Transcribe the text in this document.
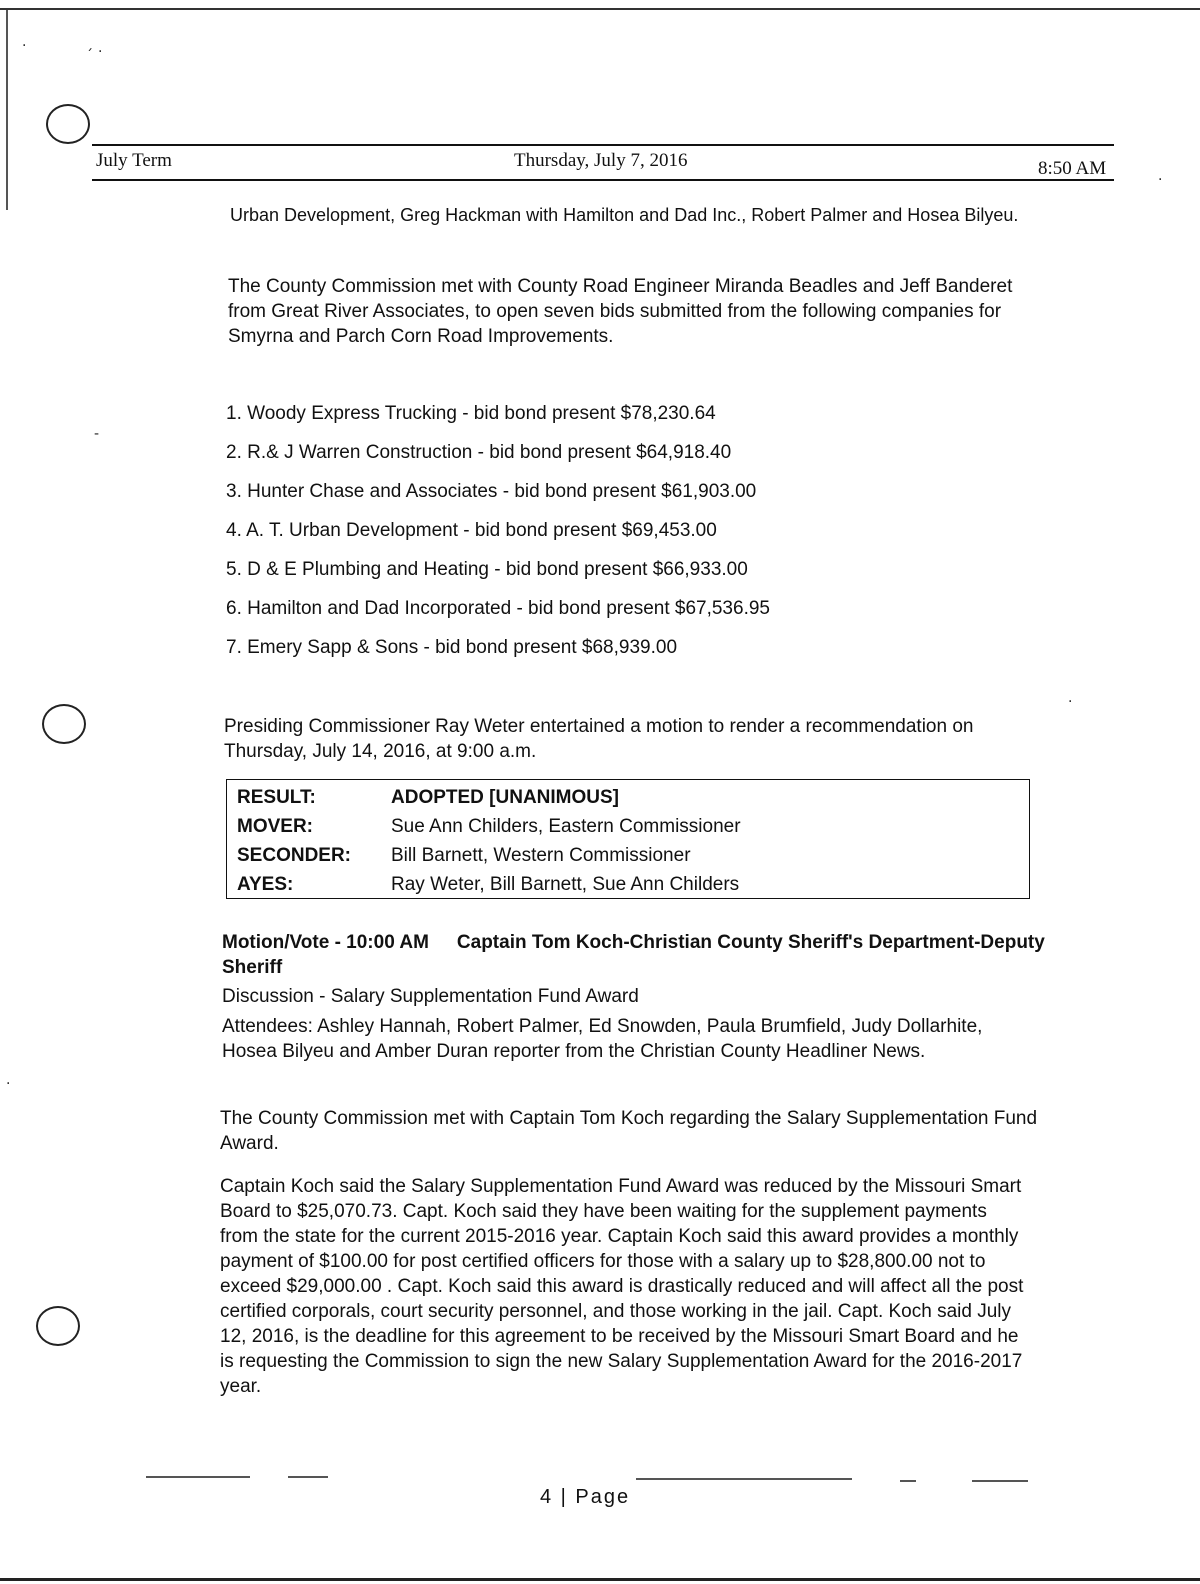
·
ˊ ·
·
-
·
·
July Term	Thursday, July 7, 2016	8:50 AM
Urban Development, Greg Hackman with Hamilton and Dad Inc., Robert Palmer and Hosea Bilyeu.
The County Commission met with County Road Engineer Miranda Beadles and Jeff Banderet from Great River Associates, to open seven bids submitted from the following companies for Smyrna and Parch Corn Road Improvements.
1. Woody Express Trucking - bid bond present $78,230.64
2. R.& J Warren Construction - bid bond present $64,918.40
3. Hunter Chase and Associates - bid bond present $61,903.00
4. A. T. Urban Development - bid bond present $69,453.00
5. D & E Plumbing and Heating - bid bond present $66,933.00
6. Hamilton and Dad Incorporated - bid bond present $67,536.95
7. Emery Sapp & Sons - bid bond present $68,939.00
Presiding Commissioner Ray Weter entertained a motion to render a recommendation on Thursday, July 14, 2016, at 9:00 a.m.
RESULT:	ADOPTED [UNANIMOUS]
MOVER:	Sue Ann Childers, Eastern Commissioner
SECONDER:	Bill Barnett, Western Commissioner
AYES:	Ray Weter, Bill Barnett, Sue Ann Childers
Motion/Vote - 10:00 AM Captain Tom Koch-Christian County Sheriff's Department-Deputy Sheriff
Discussion - Salary Supplementation Fund Award
Attendees: Ashley Hannah, Robert Palmer, Ed Snowden, Paula Brumfield, Judy Dollarhite, Hosea Bilyeu and Amber Duran reporter from the Christian County Headliner News.
The County Commission met with Captain Tom Koch regarding the Salary Supplementation Fund Award.
Captain Koch said the Salary Supplementation Fund Award was reduced by the Missouri Smart Board to $25,070.73. Capt. Koch said they have been waiting for the supplement payments from the state for the current 2015-2016 year. Captain Koch said this award provides a monthly payment of $100.00 for post certified officers for those with a salary up to $28,800.00 not to exceed $29,000.00 . Capt. Koch said this award is drastically reduced and will affect all the post certified corporals, court security personnel, and those working in the jail. Capt. Koch said July 12, 2016, is the deadline for this agreement to be received by the Missouri Smart Board and he is requesting the Commission to sign the new Salary Supplementation Award for the 2016-2017 year.
4 | Page
